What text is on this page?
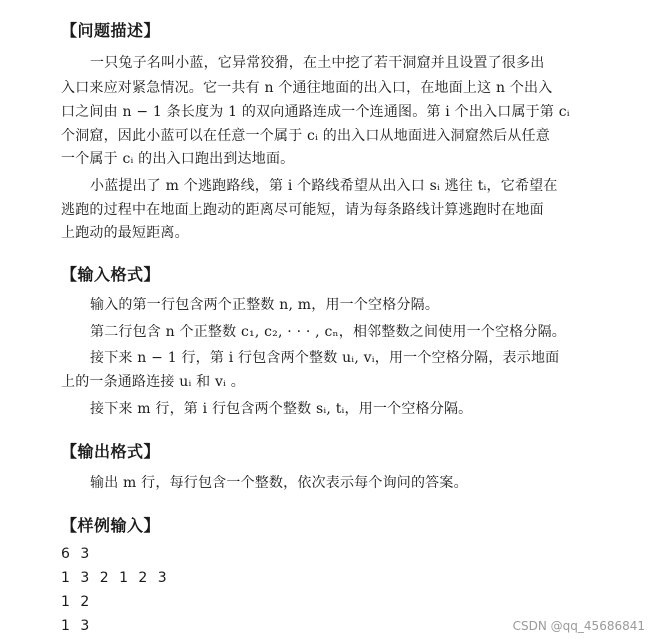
【问题描述】
一只兔子名叫小蓝，它异常狡猾，在土中挖了若干洞窟并且设置了很多出
入口来应对紧急情况。它一共有 n 个通往地面的出入口，在地面上这 n 个出入
口之间由 n − 1 条长度为 1 的双向通路连成一个连通图。第 i 个出入口属于第 cᵢ
个洞窟，因此小蓝可以在任意一个属于 cᵢ 的出入口从地面进入洞窟然后从任意
一个属于 cᵢ 的出入口跑出到达地面。
小蓝提出了 m 个逃跑路线，第 i 个路线希望从出入口 sᵢ 逃往 tᵢ，它希望在
逃跑的过程中在地面上跑动的距离尽可能短，请为每条路线计算逃跑时在地面
上跑动的最短距离。
【输入格式】
输入的第一行包含两个正整数 n, m，用一个空格分隔。
第二行包含 n 个正整数 c₁, c₂, · · · , cₙ，相邻整数之间使用一个空格分隔。
接下来 n − 1 行，第 i 行包含两个整数 uᵢ, vᵢ，用一个空格分隔，表示地面
上的一条通路连接 uᵢ 和 vᵢ 。
接下来 m 行，第 i 行包含两个整数 sᵢ, tᵢ，用一个空格分隔。
【输出格式】
输出 m 行，每行包含一个整数，依次表示每个询问的答案。
【样例输入】
6 3
1 3 2 1 2 3
1 2
1 3	CSDN @qq_45686841
